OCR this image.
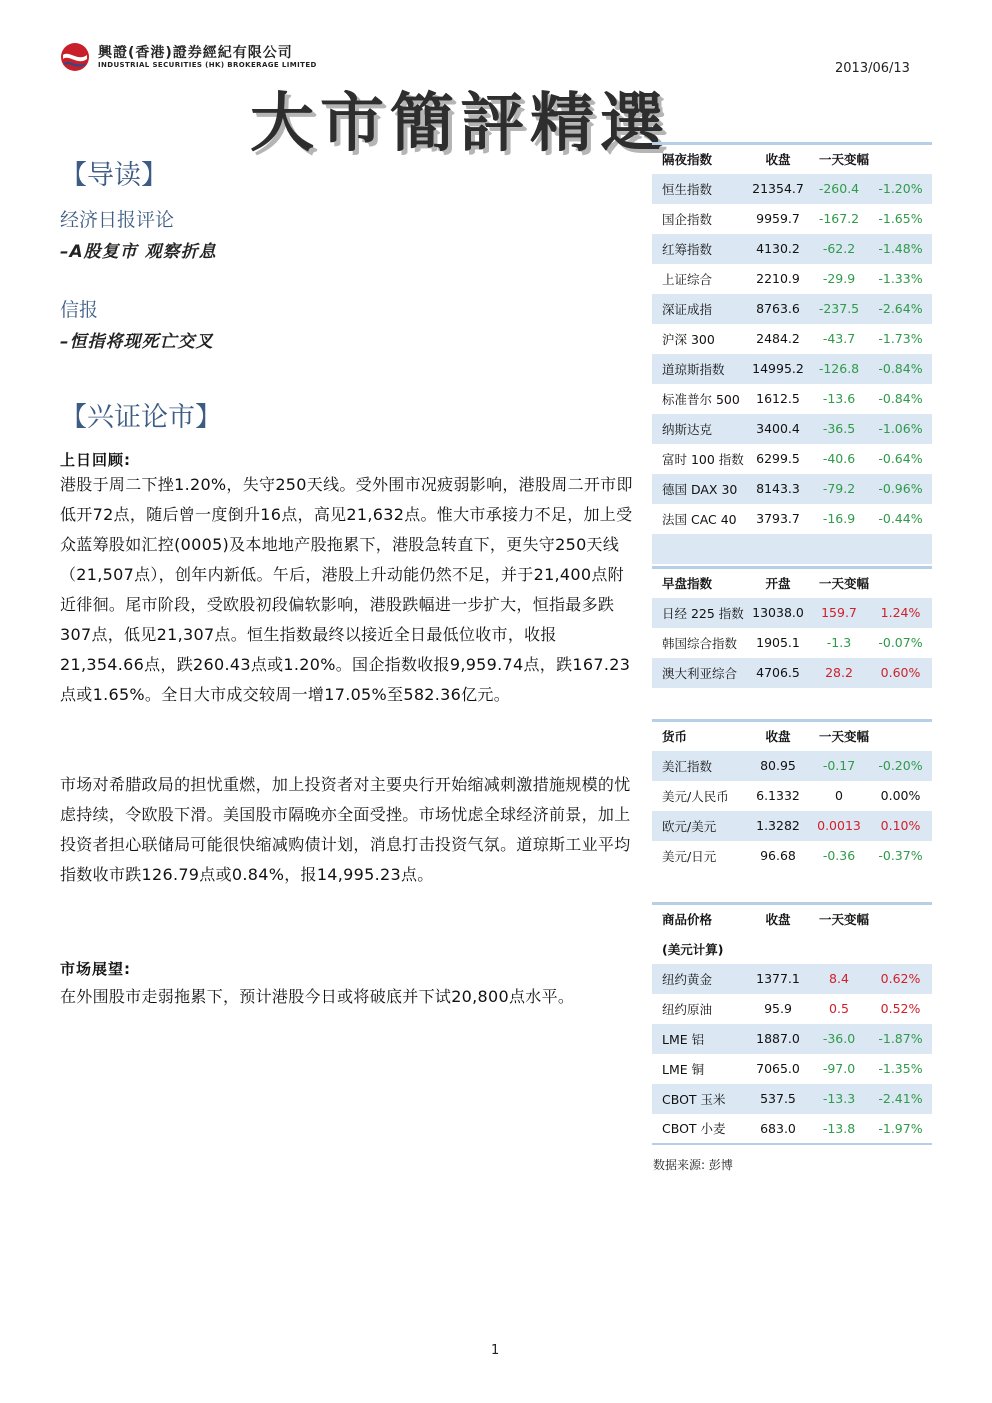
興證(香港)證券經紀有限公司
INDUSTRIAL SECURITIES (HK) BROKERAGE LIMITED	2013/06/13
大市簡評精選
【导读】
经济日报评论
–A股复市 观察折息
信报
–恒指将现死亡交叉
【兴证论市】
上日回顾:
港股于周二下挫1.20%，失守250天线。受外围市况疲弱影响，港股周二开市即低开72点，随后曾一度倒升16点，高见21,632点。惟大市承接力不足，加上受众蓝筹股如汇控(0005)及本地地产股拖累下，港股急转直下，更失守250天线（21,507点），创年内新低。午后，港股上升动能仍然不足，并于21,400点附近徘徊。尾市阶段，受欧股初段偏软影响，港股跌幅进一步扩大，恒指最多跌307点，低见21,307点。恒生指数最终以接近全日最低位收市，收报21,354.66点，跌260.43点或1.20%。国企指数收报9,959.74点，跌167.23点或1.65%。全日大市成交较周一增17.05%至582.36亿元。
市场对希腊政局的担忧重燃，加上投资者对主要央行开始缩减刺激措施规模的忧虑持续，令欧股下滑。美国股市隔晚亦全面受挫。市场忧虑全球经济前景，加上投资者担心联储局可能很快缩减购债计划，消息打击投资气氛。道琼斯工业平均指数收市跌126.79点或0.84%，报14,995.23点。
市场展望:
在外围股市走弱拖累下，预计港股今日或将破底并下试20,800点水平。
隔夜指数	收盘	一天变幅	
恒生指数	21354.7	-260.4	-1.20%
国企指数	9959.7	-167.2	-1.65%
红筹指数	4130.2	-62.2	-1.48%
上证综合	2210.9	-29.9	-1.33%
深证成指	8763.6	-237.5	-2.64%
沪深 300	2484.2	-43.7	-1.73%
道琼斯指数	14995.2	-126.8	-0.84%
标准普尔 500	1612.5	-13.6	-0.84%
纳斯达克	3400.4	-36.5	-1.06%
富时 100 指数	6299.5	-40.6	-0.64%
德国 DAX 30	8143.3	-79.2	-0.96%
法国 CAC 40	3793.7	-16.9	-0.44%

早盘指数	开盘	一天变幅	
日经 225 指数	13038.0	159.7	1.24%
韩国综合指数	1905.1	-1.3	-0.07%
澳大利亚综合	4706.5	28.2	0.60%
货币	收盘	一天变幅	
美汇指数	80.95	-0.17	-0.20%
美元/人民币	6.1332	0	0.00%
欧元/美元	1.3282	0.0013	0.10%
美元/日元	96.68	-0.36	-0.37%
商品价格	收盘	一天变幅	
(美元计算)			
纽约黄金	1377.1	8.4	0.62%
纽约原油	95.9	0.5	0.52%
LME 铝	1887.0	-36.0	-1.87%
LME 铜	7065.0	-97.0	-1.35%
CBOT 玉米	537.5	-13.3	-2.41%
CBOT 小麦	683.0	-13.8	-1.97%
数据来源: 彭博
1
